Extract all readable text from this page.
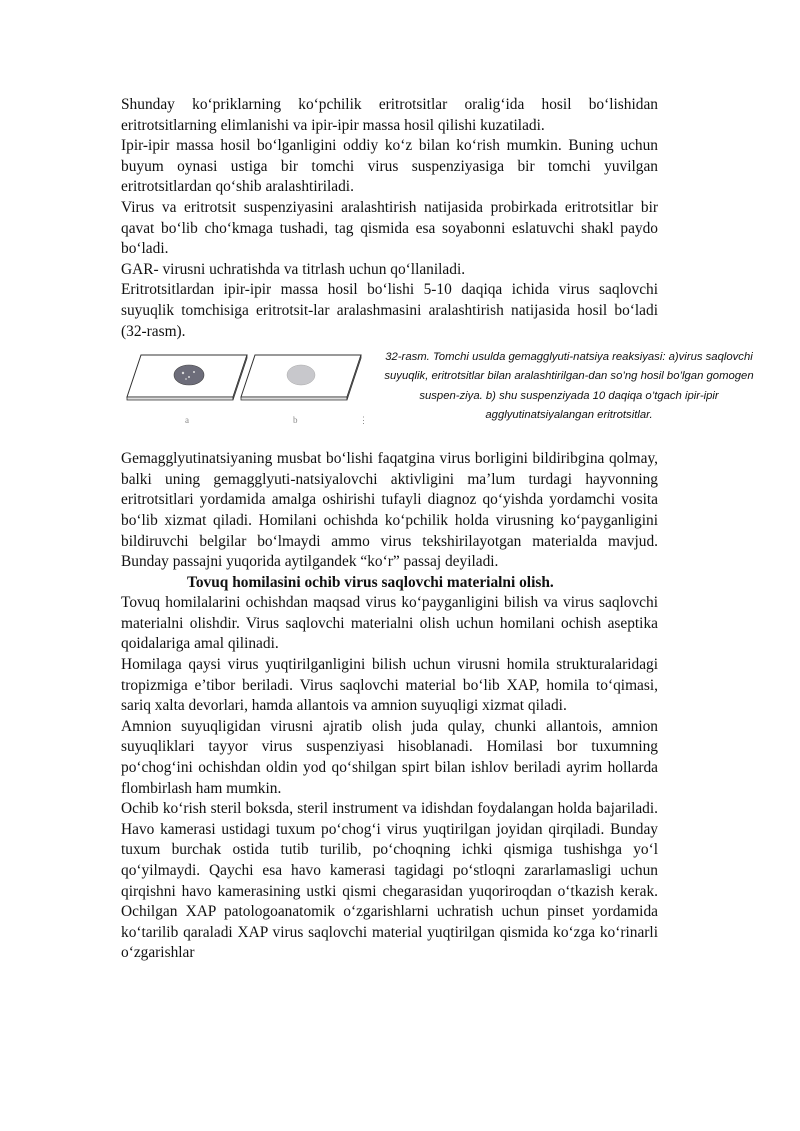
Shunday ko‘priklarning ko‘pchilik eritrotsitlar oralig‘ida hosil bo‘lishidan eritrotsitlarning elimlanishi va ipir-ipir massa hosil qilishi kuzatiladi.

Ipir-ipir massa hosil bo‘lganligini oddiy ko‘z bilan ko‘rish mumkin. Buning uchun buyum oynasi ustiga bir tomchi virus suspenziyasiga bir tomchi yuvilgan eritrotsitlardan qo‘shib aralashtiriladi.

Virus va eritrotsit suspenziyasini aralashtirish natijasida probirkada eritrotsitlar bir qavat bo‘lib cho‘kmaga tushadi, tag qismida esa soyabonni eslatuvchi shakl paydo bo‘ladi.

GAR- virusni uchratishda va titrlash uchun qo‘llaniladi.

Eritrotsitlardan ipir-ipir massa hosil bo‘lishi 5-10 daqiqa ichida virus saqlovchi suyuqlik tomchisiga eritrotsit-lar aralashmasini aralashtirish natijasida hosil bo‘ladi (32-rasm).

a	b	⋮
32-rasm. Tomchi usulda gemagglyuti-natsiya reaksiyasi: a)virus saqlovchi suyuqlik, eritrotsitlar bilan aralashtirilgan-dan so’ng hosil bo’lgan gomogen suspen-ziya. b) shu suspenziyada 10 daqiqa o’tgach ipir-ipir agglyutinatsiyalangan eritrotsitlar.

Gemagglyutinatsiyaning musbat bo‘lishi faqatgina virus borligini bildiribgina qolmay, balki uning gemagglyuti-natsiyalovchi aktivligini ma’lum turdagi hayvonning eritrotsitlari yordamida amalga oshirishi tufayli diagnoz qo‘yishda yordamchi vosita bo‘lib xizmat qiladi. Homilani ochishda ko‘pchilik holda virusning ko‘payganligini bildiruvchi belgilar bo‘lmaydi ammo virus tekshirilayotgan materialda mavjud. Bunday passajni yuqorida aytilgandek “ko‘r” passaj deyiladi.

Tovuq homilasini ochib virus saqlovchi materialni olish.

Tovuq homilalarini ochishdan maqsad virus ko‘payganligini bilish va virus saqlovchi materialni olishdir. Virus saqlovchi materialni olish uchun homilani ochish aseptika qoidalariga amal qilinadi.

Homilaga qaysi virus yuqtirilganligini bilish uchun virusni homila strukturalaridagi tropizmiga e’tibor beriladi. Virus saqlovchi material bo‘lib XAP, homila to‘qimasi, sariq xalta devorlari, hamda allantois va amnion suyuqligi xizmat qiladi.

Amnion suyuqligidan virusni ajratib olish juda qulay, chunki allantois, amnion suyuqliklari tayyor virus suspenziyasi hisoblanadi. Homilasi bor tuxumning po‘chog‘ini ochishdan oldin yod qo‘shilgan spirt bilan ishlov beriladi ayrim hollarda flombirlash ham mumkin.

Ochib ko‘rish steril boksda, steril instrument va idishdan foydalangan holda bajariladi. Havo kamerasi ustidagi tuxum po‘chog‘i virus yuqtirilgan joyidan qirqiladi. Bunday tuxum burchak ostida tutib turilib, po‘choqning ichki qismiga tushishga yo‘l qo‘yilmaydi. Qaychi esa havo kamerasi tagidagi po‘stloqni zararlamasligi uchun qirqishni havo kamerasining ustki qismi chegarasidan yuqoriroqdan o‘tkazish kerak. Ochilgan XAP patologoanatomik o‘zgarishlarni uchratish uchun pinset yordamida ko‘tarilib qaraladi XAP virus saqlovchi material yuqtirilgan qismida ko‘zga ko‘rinarli o‘zgarishlar
